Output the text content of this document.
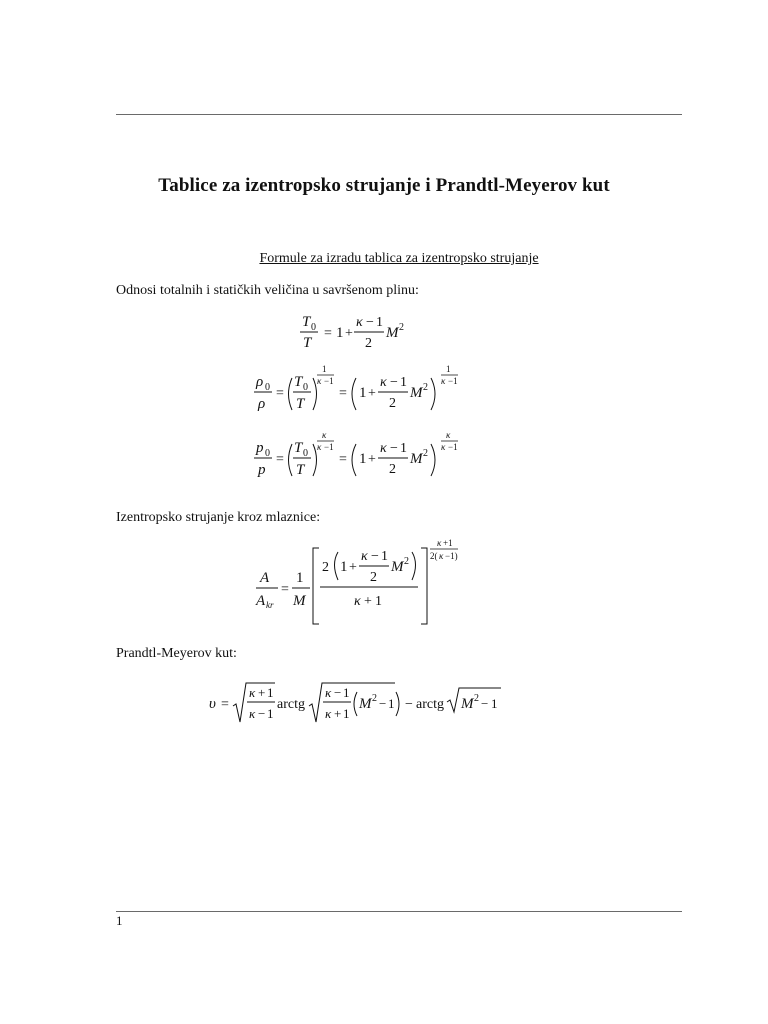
Tablice za izentropsko strujanje i Prandtl-Meyerov kut
Formule za izradu tablica za izentropsko strujanje
Odnosi totalnih i statičkih veličina u savršenom plinu:
T 0
T
= 1 +
κ − 1
2
M 2
ρ 0
ρ
=
T 0
T
1
κ −1
= 1 +
κ − 1
2
M 2
1
κ −1
p 0
p
=
T 0
T
κ
κ −1
= 1 +
κ − 1
2
M 2
κ
κ −1
Izentropsko strujanje kroz mlaznice:
A
A kr
=
1
M
2 1 +
κ − 1
2
M 2
κ + 1
κ +1
2( κ −1)
Prandtl-Meyerov kut:
υ =
κ + 1
κ − 1
arctg
κ − 1
κ + 1
M 2 − 1 − arctg M 2 − 1
1
